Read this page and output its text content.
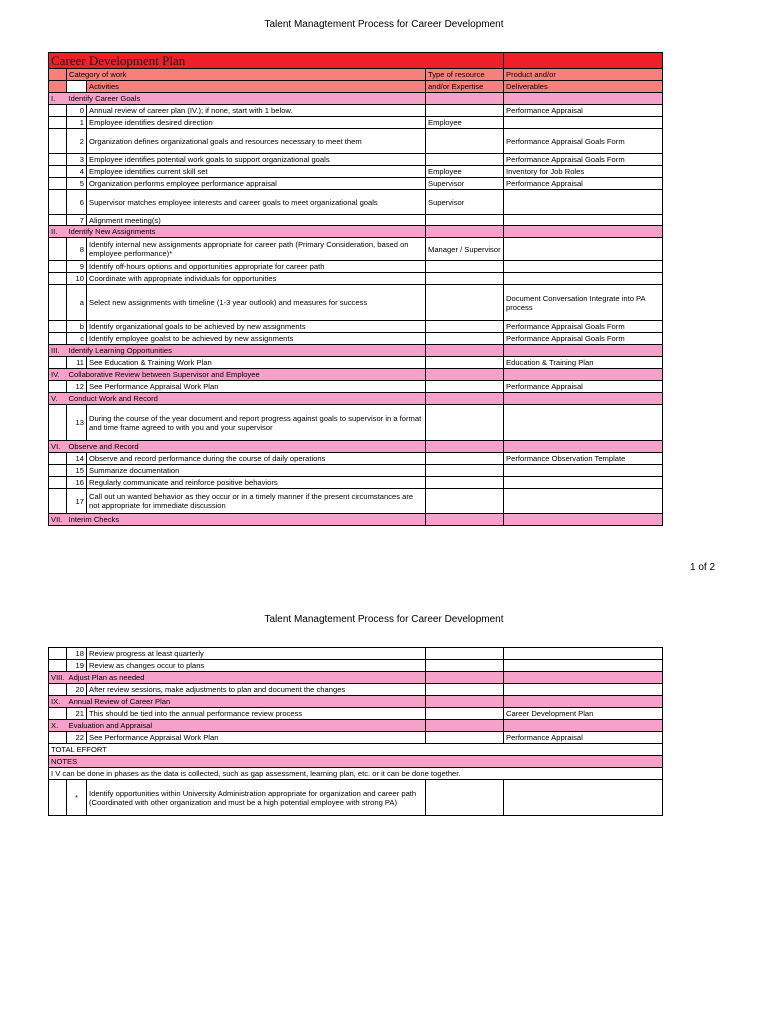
Talent Managtement Process for Career Development
Career Development Plan				
	Category of work		Type of resource	Product and/or
		Activities	and/or Expertise	Deliverables
I.	Identify Career Goals			
	0	Annual review of career plan (IV.); if none, start with 1 below.		Performance Appraisal
	1	Employee identifies desired direction	Employee	
	2	Organization defines organizational goals and resources necessary to meet them		Performance Appraisal Goals Form
	3	Employee identifies potential work goals to support organizational goals		Performance Appraisal Goals Form
	4	Employee identifies current skill set	Employee	Inventory for Job Roles
	5	Organization performs employee performance appraisal	Supervisor	Performance Appraisal
	6	Supervisor matches employee interests and career goals to meet organizational goals	Supervisor	
	7	Alignment meeting(s)		
II.	Identify New Assignments			
	8	Identify internal new assignments appropriate for career path (Primary Consideration, based on employee performance)*	Manager / Supervisor	
	9	Identify off-hours options and opportunities appropriate for career path		
	10	Coordinate with appropriate individuals for opportunities		
	a	Select new assignments with timeline (1-3 year outlook) and measures for success		Document Conversation Integrate into PA process
	b	Identify organizational goals to be achieved by new assignments		Performance Appraisal Goals Form
	c	Identify employee goalst to be achieved by new assignments		Performance Appraisal Goals Form
III.	Identify Learning Opportunities			
	11	See Education & Training Work Plan		Education & Training Plan
IV.	Collaborative Review between Supervisor and Employee			
	12	See Performance Appraisal Work Plan		Performance Appraisal
V.	Conduct Work and Record			
	13	During the course of the year document and report progress against goals to supervisor in a format and time frame agreed to with you and your supervisor		
VI.	Observe and Record			
	14	Observe and record performance during the course of daily operations		Performance Observation Template
	15	Summarize documentation		
	16	Regularly communicate and reinforce positive behaviors		
	17	Call out un wanted behavior as they occur or in a timely manner if the present circumstances are not appropriate for immediate discussion		
VII.	Interim Checks			
1 of 2
Talent Managtement Process for Career Development
	18	Review progress at least quarterly		
	19	Review as changes occur to plans		
VIII.	Adjust Plan as needed			
	20	After review sessions, make adjustments to plan and document the changes		
IX.	Annual Review of Career Plan			
	21	This should be tied into the annual performance review process		Career Development Plan
X.	Evaluation and Appraisal			
	22	See Performance Appraisal Work Plan		Performance Appraisal
TOTAL EFFORT				
NOTES				
I V can be done in phases as the data is collected, such as gap assessment, learning plan, etc. or it can be done together.				
	*	Identify opportunities within University Administration appropriate for organization and career path (Coordinated with other organization and must be a high potential employee with strong PA)		
